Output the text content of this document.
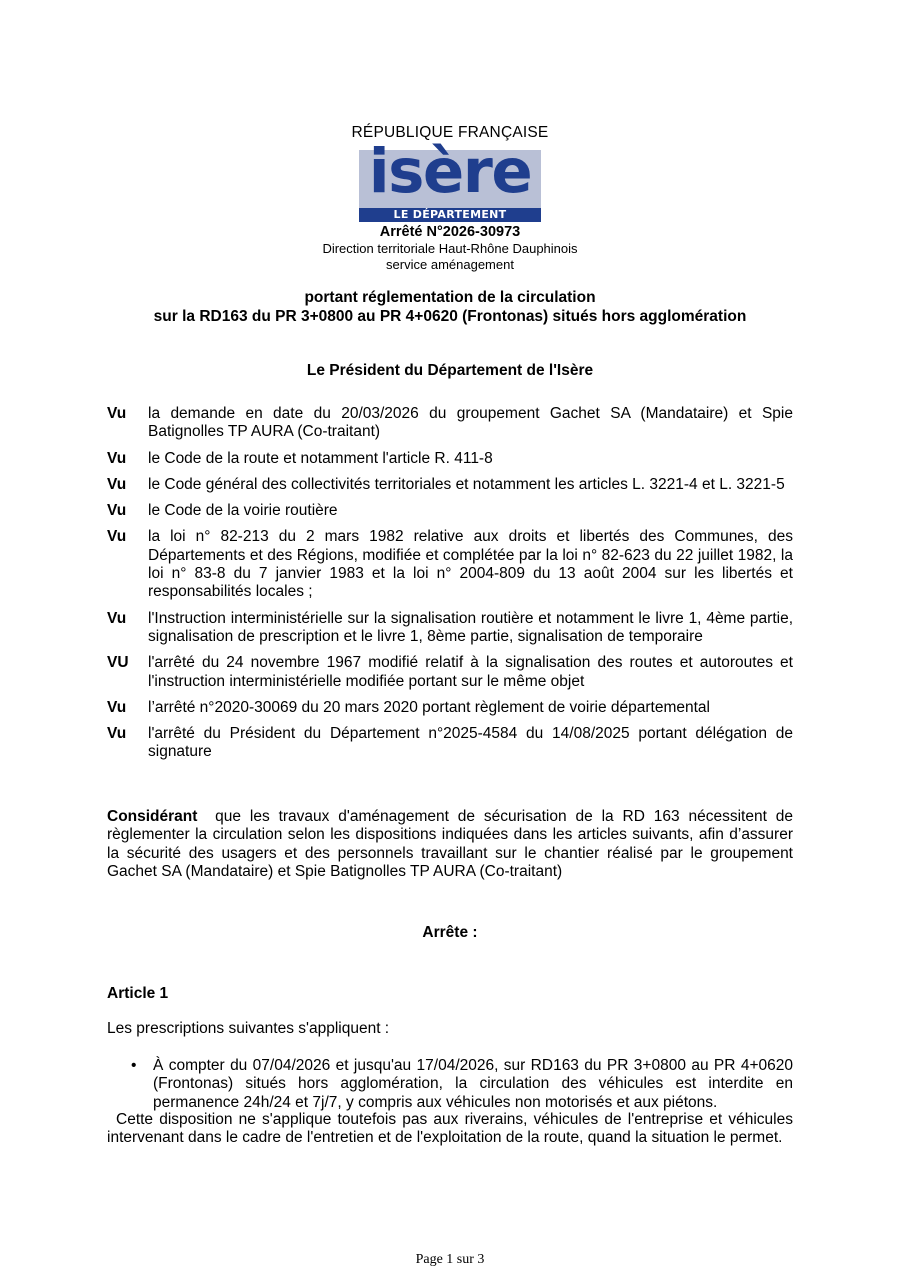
RÉPUBLIQUE FRANÇAISE
isère
LE DÉPARTEMENT
Arrêté N°2026-30973
Direction territoriale Haut-Rhône Dauphinois
service aménagement
portant réglementation de la circulation
sur la RD163 du PR 3+0800 au PR 4+0620 (Frontonas) situés hors agglomération
Le Président du Département de l'Isère
Vu	la demande en date du 20/03/2026 du groupement Gachet SA (Mandataire) et Spie Batignolles TP AURA (Co-traitant)
Vu	le Code de la route et notamment l'article R. 411-8
Vu	le Code général des collectivités territoriales et notamment les articles L. 3221-4 et L. 3221-5
Vu	le Code de la voirie routière
Vu	la loi n° 82-213 du 2 mars 1982 relative aux droits et libertés des Communes, des Départements et des Régions, modifiée et complétée par la loi n° 82-623 du 22 juillet 1982, la loi n° 83-8 du 7 janvier 1983 et la loi n° 2004-809 du 13 août 2004 sur les libertés et responsabilités locales ;
Vu	l'Instruction interministérielle sur la signalisation routière et notamment le livre 1, 4ème partie, signalisation de prescription et le livre 1, 8ème partie, signalisation de temporaire
VU	l'arrêté du 24 novembre 1967 modifié relatif à la signalisation des routes et autoroutes et l'instruction interministérielle modifiée portant sur le même objet
Vu	l’arrêté n°2020-30069 du 20 mars 2020 portant règlement de voirie départemental
Vu	l'arrêté du Président du Département n°2025-4584 du 14/08/2025 portant délégation de signature
Considérant que les travaux d'aménagement de sécurisation de la RD 163 nécessitent de règlementer la circulation selon les dispositions indiquées dans les articles suivants, afin d’assurer la sécurité des usagers et des personnels travaillant sur le chantier réalisé par le groupement Gachet SA (Mandataire) et Spie Batignolles TP AURA (Co-traitant)
Arrête :
Article 1
Les prescriptions suivantes s'appliquent :
•	À compter du 07/04/2026 et jusqu'au 17/04/2026, sur RD163 du PR 3+0800 au PR 4+0620 (Frontonas) situés hors agglomération, la circulation des véhicules est interdite en permanence 24h/24 et 7j/7, y compris aux véhicules non motorisés et aux piétons.
Cette disposition ne s'applique toutefois pas aux riverains, véhicules de l'entreprise et véhicules intervenant dans le cadre de l'entretien et de l'exploitation de la route, quand la situation le permet.
Page 1 sur 3
